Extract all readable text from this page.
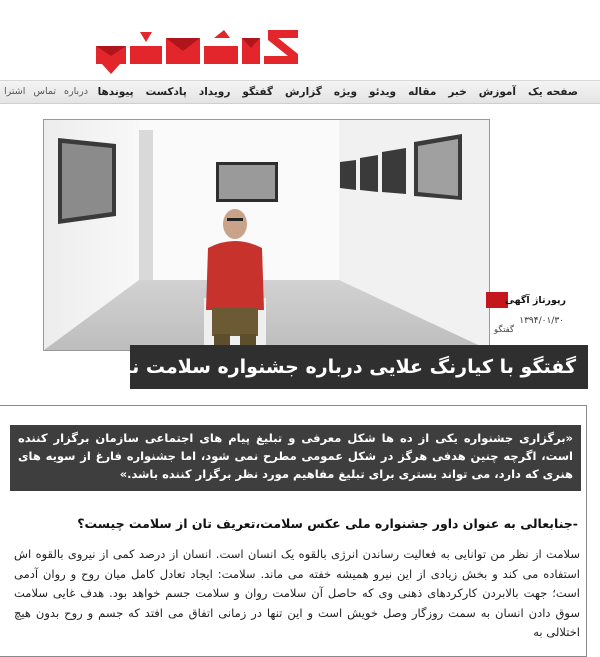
صفحه یک
آموزش
خبر
مقاله
ویدئو
ویژه
گزارش
گفتگو
رویداد
پادکست
پیوندها
درباره
تماس
اشترا
رپورتاژ آگهی
۱۳۹۴/۰۱/۳۰
گفتگو
گفتگو با کیارنگ علایی درباره جشنواره سلامت نیشابور
«برگزاری جشنواره یکی از ده ها شکل معرفی و تبلیغ پیام های اجتماعی سازمان برگزار کننده است، اگرچه چنین هدفی هرگز در شکل عمومی مطرح نمی شود، اما جشنواره فارغ از سویه های هنری که دارد، می تواند بستری برای تبلیغ مفاهیم مورد نظر برگزار کننده باشد.»
-جنابعالی به عنوان داور جشنواره ملی عکس سلامت،تعریف تان از سلامت چیست؟

سلامت از نظر من توانایی به فعالیت رساندن انرژی بالقوه یک انسان است. انسان از درصد کمی از نیروی بالقوه اش استفاده می کند و بخش زیادی از این نیرو همیشه خفته می ماند. سلامت: ایجاد تعادل کامل میان روح و روان آدمی است؛ جهت بالابردن کارکردهای ذهنی وی که حاصل آن سلامت روان و سلامت جسم خواهد بود. هدف غایی سلامت سوق دادن انسان به سمت روزگار وصل خویش است و این تنها در زمانی اتفاق می افتد که جسم و روح بدون هیچ اختلالی به
